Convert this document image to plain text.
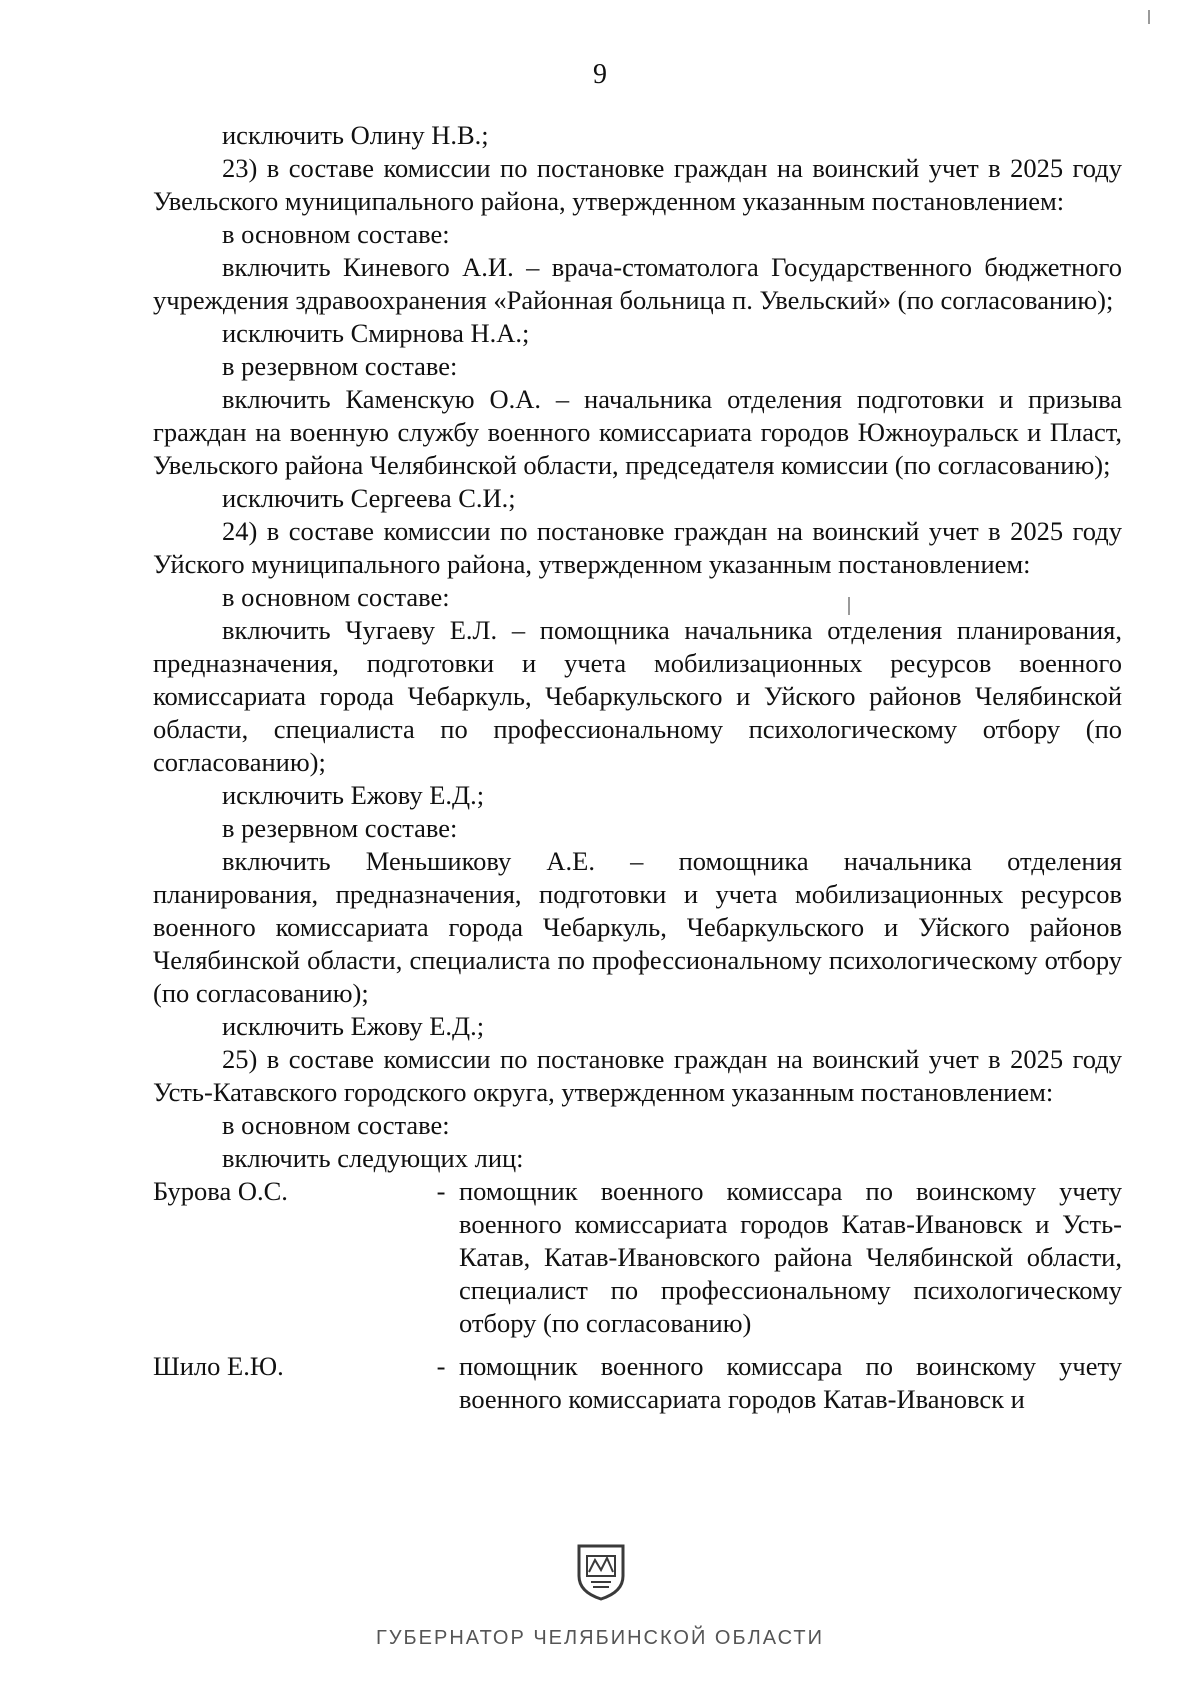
9

исключить Олину Н.В.;

23) в составе комиссии по постановке граждан на воинский учет в 2025 году Увельского муниципального района, утвержденном указанным постановлением:

в основном составе:

включить Киневого А.И. – врача-стоматолога Государственного бюджетного учреждения здравоохранения «Районная больница п. Увельский» (по согласованию);

исключить Смирнова Н.А.;

в резервном составе:

включить Каменскую О.А. – начальника отделения подготовки и призыва граждан на военную службу военного комиссариата городов Южноуральск и Пласт, Увельского района Челябинской области, председателя комиссии (по согласованию);

исключить Сергеева С.И.;

24) в составе комиссии по постановке граждан на воинский учет в 2025 году Уйского муниципального района, утвержденном указанным постановлением:

в основном составе:

включить Чугаеву Е.Л. – помощника начальника отделения планирования, предназначения, подготовки и учета мобилизационных ресурсов военного комиссариата города Чебаркуль, Чебаркульского и Уйского районов Челябинской области, специалиста по профессиональному психологическому отбору (по согласованию);

исключить Ежову Е.Д.;

в резервном составе:

включить Меньшикову А.Е. – помощника начальника отделения планирования, предназначения, подготовки и учета мобилизационных ресурсов военного комиссариата города Чебаркуль, Чебаркульского и Уйского районов Челябинской области, специалиста по профессиональному психологическому отбору (по согласованию);

исключить Ежову Е.Д.;

25) в составе комиссии по постановке граждан на воинский учет в 2025 году Усть-Катавского городского округа, утвержденном указанным постановлением:

в основном составе:

включить следующих лиц:

Бурова О.С.	- помощник военного комиссара по воинскому учету военного комиссариата городов Катав-Ивановск и Усть-Катав, Катав-Ивановского района Челябинской области, специалист по профессиональному психологическому отбору (по согласованию)
Шило Е.Ю.	- помощник военного комиссара по воинскому учету военного комиссариата городов Катав-Ивановск и
ГУБЕРНАТОР ЧЕЛЯБИНСКОЙ ОБЛАСТИ
